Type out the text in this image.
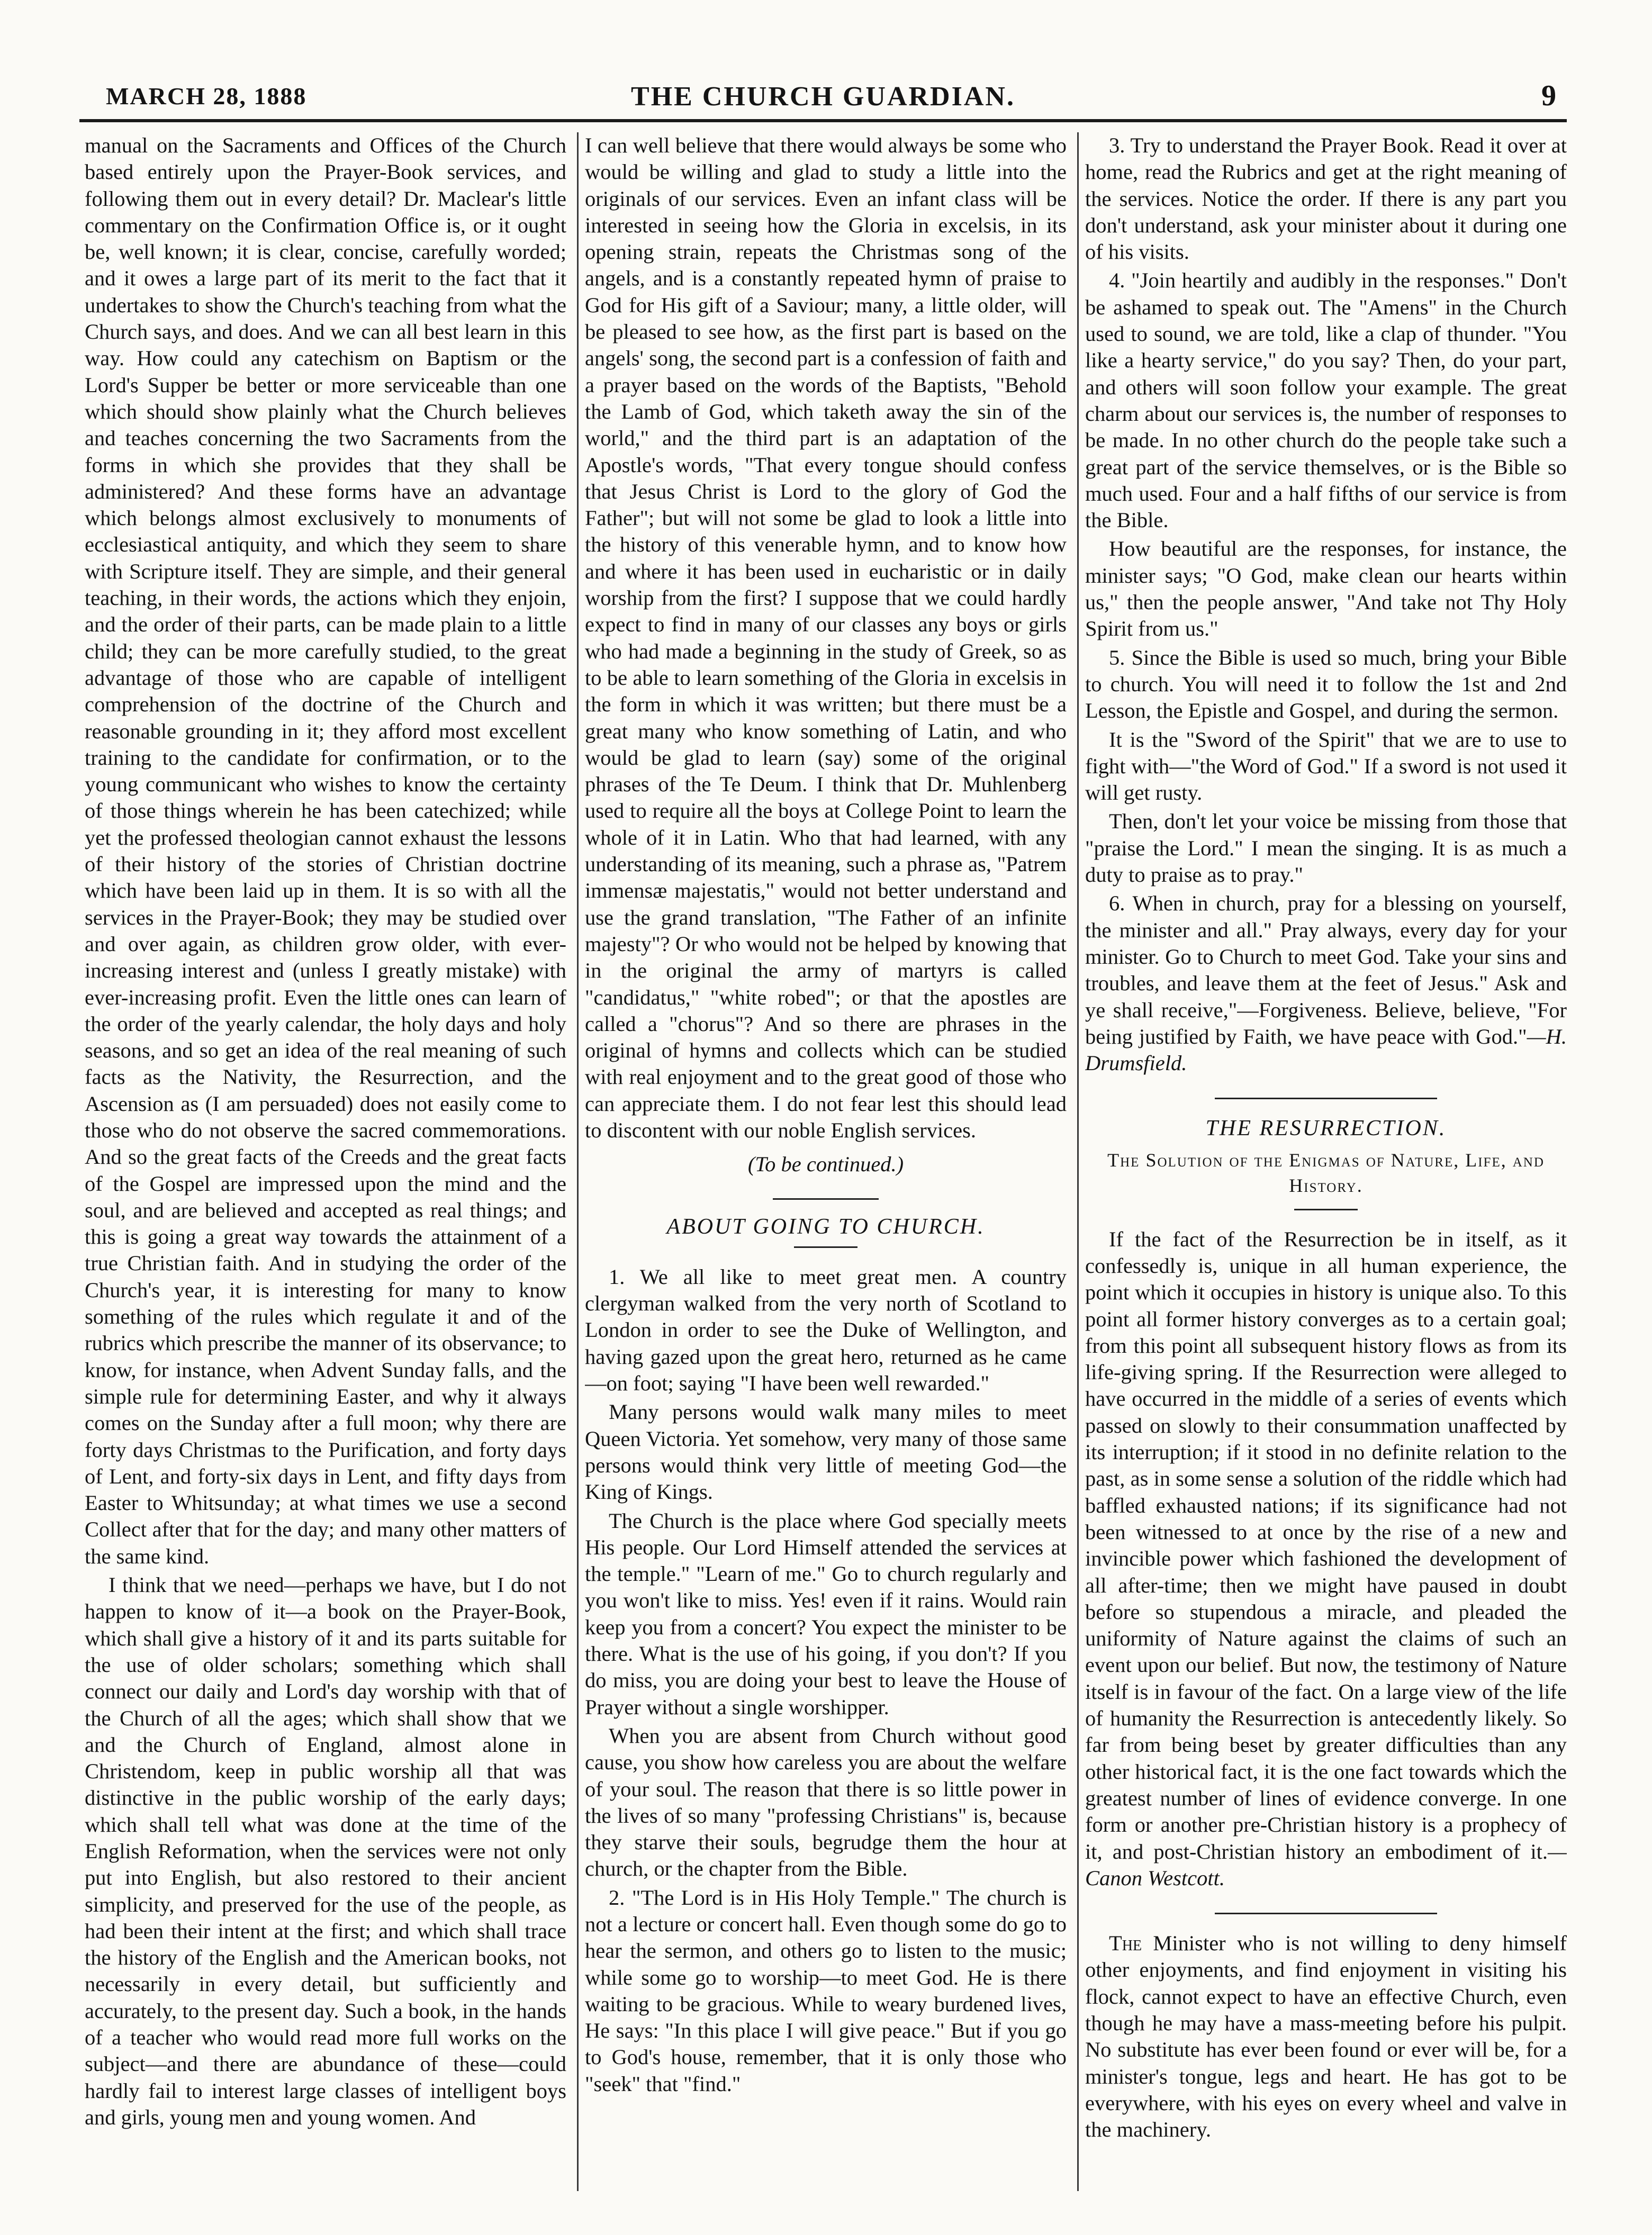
MARCH 28, 1888	THE CHURCH GUARDIAN.	9

manual on the Sacraments and Offices of the Church based entirely upon the Prayer-Book services, and following them out in every detail? Dr. Maclear's little commentary on the Confirmation Office is, or it ought be, well known; it is clear, concise, carefully worded; and it owes a large part of its merit to the fact that it undertakes to show the Church's teaching from what the Church says, and does. And we can all best learn in this way. How could any catechism on Baptism or the Lord's Supper be better or more serviceable than one which should show plainly what the Church believes and teaches concerning the two Sacraments from the forms in which she provides that they shall be administered? And these forms have an advantage which belongs almost exclusively to monuments of ecclesiastical antiquity, and which they seem to share with Scripture itself. They are simple, and their general teaching, in their words, the actions which they enjoin, and the order of their parts, can be made plain to a little child; they can be more carefully studied, to the great advantage of those who are capable of intelligent comprehension of the doctrine of the Church and reasonable grounding in it; they afford most excellent training to the candidate for confirmation, or to the young communicant who wishes to know the certainty of those things wherein he has been catechized; while yet the professed theologian cannot exhaust the lessons of their history of the stories of Christian doctrine which have been laid up in them. It is so with all the services in the Prayer-Book; they may be studied over and over again, as children grow older, with ever-increasing interest and (unless I greatly mistake) with ever-increasing profit. Even the little ones can learn of the order of the yearly calendar, the holy days and holy seasons, and so get an idea of the real meaning of such facts as the Nativity, the Resurrection, and the Ascension as (I am persuaded) does not easily come to those who do not observe the sacred commemorations. And so the great facts of the Creeds and the great facts of the Gospel are impressed upon the mind and the soul, and are believed and accepted as real things; and this is going a great way towards the attainment of a true Christian faith. And in studying the order of the Church's year, it is interesting for many to know something of the rules which regulate it and of the rubrics which prescribe the manner of its observance; to know, for instance, when Advent Sunday falls, and the simple rule for determining Easter, and why it always comes on the Sunday after a full moon; why there are forty days Christmas to the Purification, and forty days of Lent, and forty-six days in Lent, and fifty days from Easter to Whitsunday; at what times we use a second Collect after that for the day; and many other matters of the same kind.

I think that we need—perhaps we have, but I do not happen to know of it—a book on the Prayer-Book, which shall give a history of it and its parts suitable for the use of older scholars; something which shall connect our daily and Lord's day worship with that of the Church of all the ages; which shall show that we and the Church of England, almost alone in Christendom, keep in public worship all that was distinctive in the public worship of the early days; which shall tell what was done at the time of the English Reformation, when the services were not only put into English, but also restored to their ancient simplicity, and preserved for the use of the people, as had been their intent at the first; and which shall trace the history of the English and the American books, not necessarily in every detail, but sufficiently and accurately, to the present day. Such a book, in the hands of a teacher who would read more full works on the subject—and there are abundance of these—could hardly fail to interest large classes of intelligent boys and girls, young men and young women. And

I can well believe that there would always be some who would be willing and glad to study a little into the originals of our services. Even an infant class will be interested in seeing how the Gloria in excelsis, in its opening strain, repeats the Christmas song of the angels, and is a constantly repeated hymn of praise to God for His gift of a Saviour; many, a little older, will be pleased to see how, as the first part is based on the angels' song, the second part is a confession of faith and a prayer based on the words of the Baptists, "Behold the Lamb of God, which taketh away the sin of the world," and the third part is an adaptation of the Apostle's words, "That every tongue should confess that Jesus Christ is Lord to the glory of God the Father"; but will not some be glad to look a little into the history of this venerable hymn, and to know how and where it has been used in eucharistic or in daily worship from the first? I suppose that we could hardly expect to find in many of our classes any boys or girls who had made a beginning in the study of Greek, so as to be able to learn something of the Gloria in excelsis in the form in which it was written; but there must be a great many who know something of Latin, and who would be glad to learn (say) some of the original phrases of the Te Deum. I think that Dr. Muhlenberg used to require all the boys at College Point to learn the whole of it in Latin. Who that had learned, with any understanding of its meaning, such a phrase as, "Patrem immensæ majestatis," would not better understand and use the grand translation, "The Father of an infinite majesty"? Or who would not be helped by knowing that in the original the army of martyrs is called "candidatus," "white robed"; or that the apostles are called a "chorus"? And so there are phrases in the original of hymns and collects which can be studied with real enjoyment and to the great good of those who can appreciate them. I do not fear lest this should lead to discontent with our noble English services.

(To be continued.)

ABOUT GOING TO CHURCH.

1. We all like to meet great men. A country clergyman walked from the very north of Scotland to London in order to see the Duke of Wellington, and having gazed upon the great hero, returned as he came—on foot; saying "I have been well rewarded."

Many persons would walk many miles to meet Queen Victoria. Yet somehow, very many of those same persons would think very little of meeting God—the King of Kings.

The Church is the place where God specially meets His people. Our Lord Himself attended the services at the temple." "Learn of me." Go to church regularly and you won't like to miss. Yes! even if it rains. Would rain keep you from a concert? You expect the minister to be there. What is the use of his going, if you don't? If you do miss, you are doing your best to leave the House of Prayer without a single worshipper.

When you are absent from Church without good cause, you show how careless you are about the welfare of your soul. The reason that there is so little power in the lives of so many "professing Christians" is, because they starve their souls, begrudge them the hour at church, or the chapter from the Bible.

2. "The Lord is in His Holy Temple." The church is not a lecture or concert hall. Even though some do go to hear the sermon, and others go to listen to the music; while some go to worship—to meet God. He is there waiting to be gracious. While to weary burdened lives, He says: "In this place I will give peace." But if you go to God's house, remember, that it is only those who "seek" that "find."

3. Try to understand the Prayer Book. Read it over at home, read the Rubrics and get at the right meaning of the services. Notice the order. If there is any part you don't understand, ask your minister about it during one of his visits.

4. "Join heartily and audibly in the responses." Don't be ashamed to speak out. The "Amens" in the Church used to sound, we are told, like a clap of thunder. "You like a hearty service," do you say? Then, do your part, and others will soon follow your example. The great charm about our services is, the number of responses to be made. In no other church do the people take such a great part of the service themselves, or is the Bible so much used. Four and a half fifths of our service is from the Bible.

How beautiful are the responses, for instance, the minister says; "O God, make clean our hearts within us," then the people answer, "And take not Thy Holy Spirit from us."

5. Since the Bible is used so much, bring your Bible to church. You will need it to follow the 1st and 2nd Lesson, the Epistle and Gospel, and during the sermon.

It is the "Sword of the Spirit" that we are to use to fight with—"the Word of God." If a sword is not used it will get rusty.

Then, don't let your voice be missing from those that "praise the Lord." I mean the singing. It is as much a duty to praise as to pray."

6. When in church, pray for a blessing on yourself, the minister and all." Pray always, every day for your minister. Go to Church to meet God. Take your sins and troubles, and leave them at the feet of Jesus." Ask and ye shall receive,"—Forgiveness. Believe, believe, "For being justified by Faith, we have peace with God."—H. Drumsfield.

THE RESURRECTION.
The Solution of the Enigmas of Nature, Life, and History.

If the fact of the Resurrection be in itself, as it confessedly is, unique in all human experience, the point which it occupies in history is unique also. To this point all former history converges as to a certain goal; from this point all subsequent history flows as from its life-giving spring. If the Resurrection were alleged to have occurred in the middle of a series of events which passed on slowly to their consummation unaffected by its interruption; if it stood in no definite relation to the past, as in some sense a solution of the riddle which had baffled exhausted nations; if its significance had not been witnessed to at once by the rise of a new and invincible power which fashioned the development of all after-time; then we might have paused in doubt before so stupendous a miracle, and pleaded the uniformity of Nature against the claims of such an event upon our belief. But now, the testimony of Nature itself is in favour of the fact. On a large view of the life of humanity the Resurrection is antecedently likely. So far from being beset by greater difficulties than any other historical fact, it is the one fact towards which the greatest number of lines of evidence converge. In one form or another pre-Christian history is a prophecy of it, and post-Christian history an embodiment of it.—Canon Westcott.

The Minister who is not willing to deny himself other enjoyments, and find enjoyment in visiting his flock, cannot expect to have an effective Church, even though he may have a mass-meeting before his pulpit. No substitute has ever been found or ever will be, for a minister's tongue, legs and heart. He has got to be everywhere, with his eyes on every wheel and valve in the machinery.
